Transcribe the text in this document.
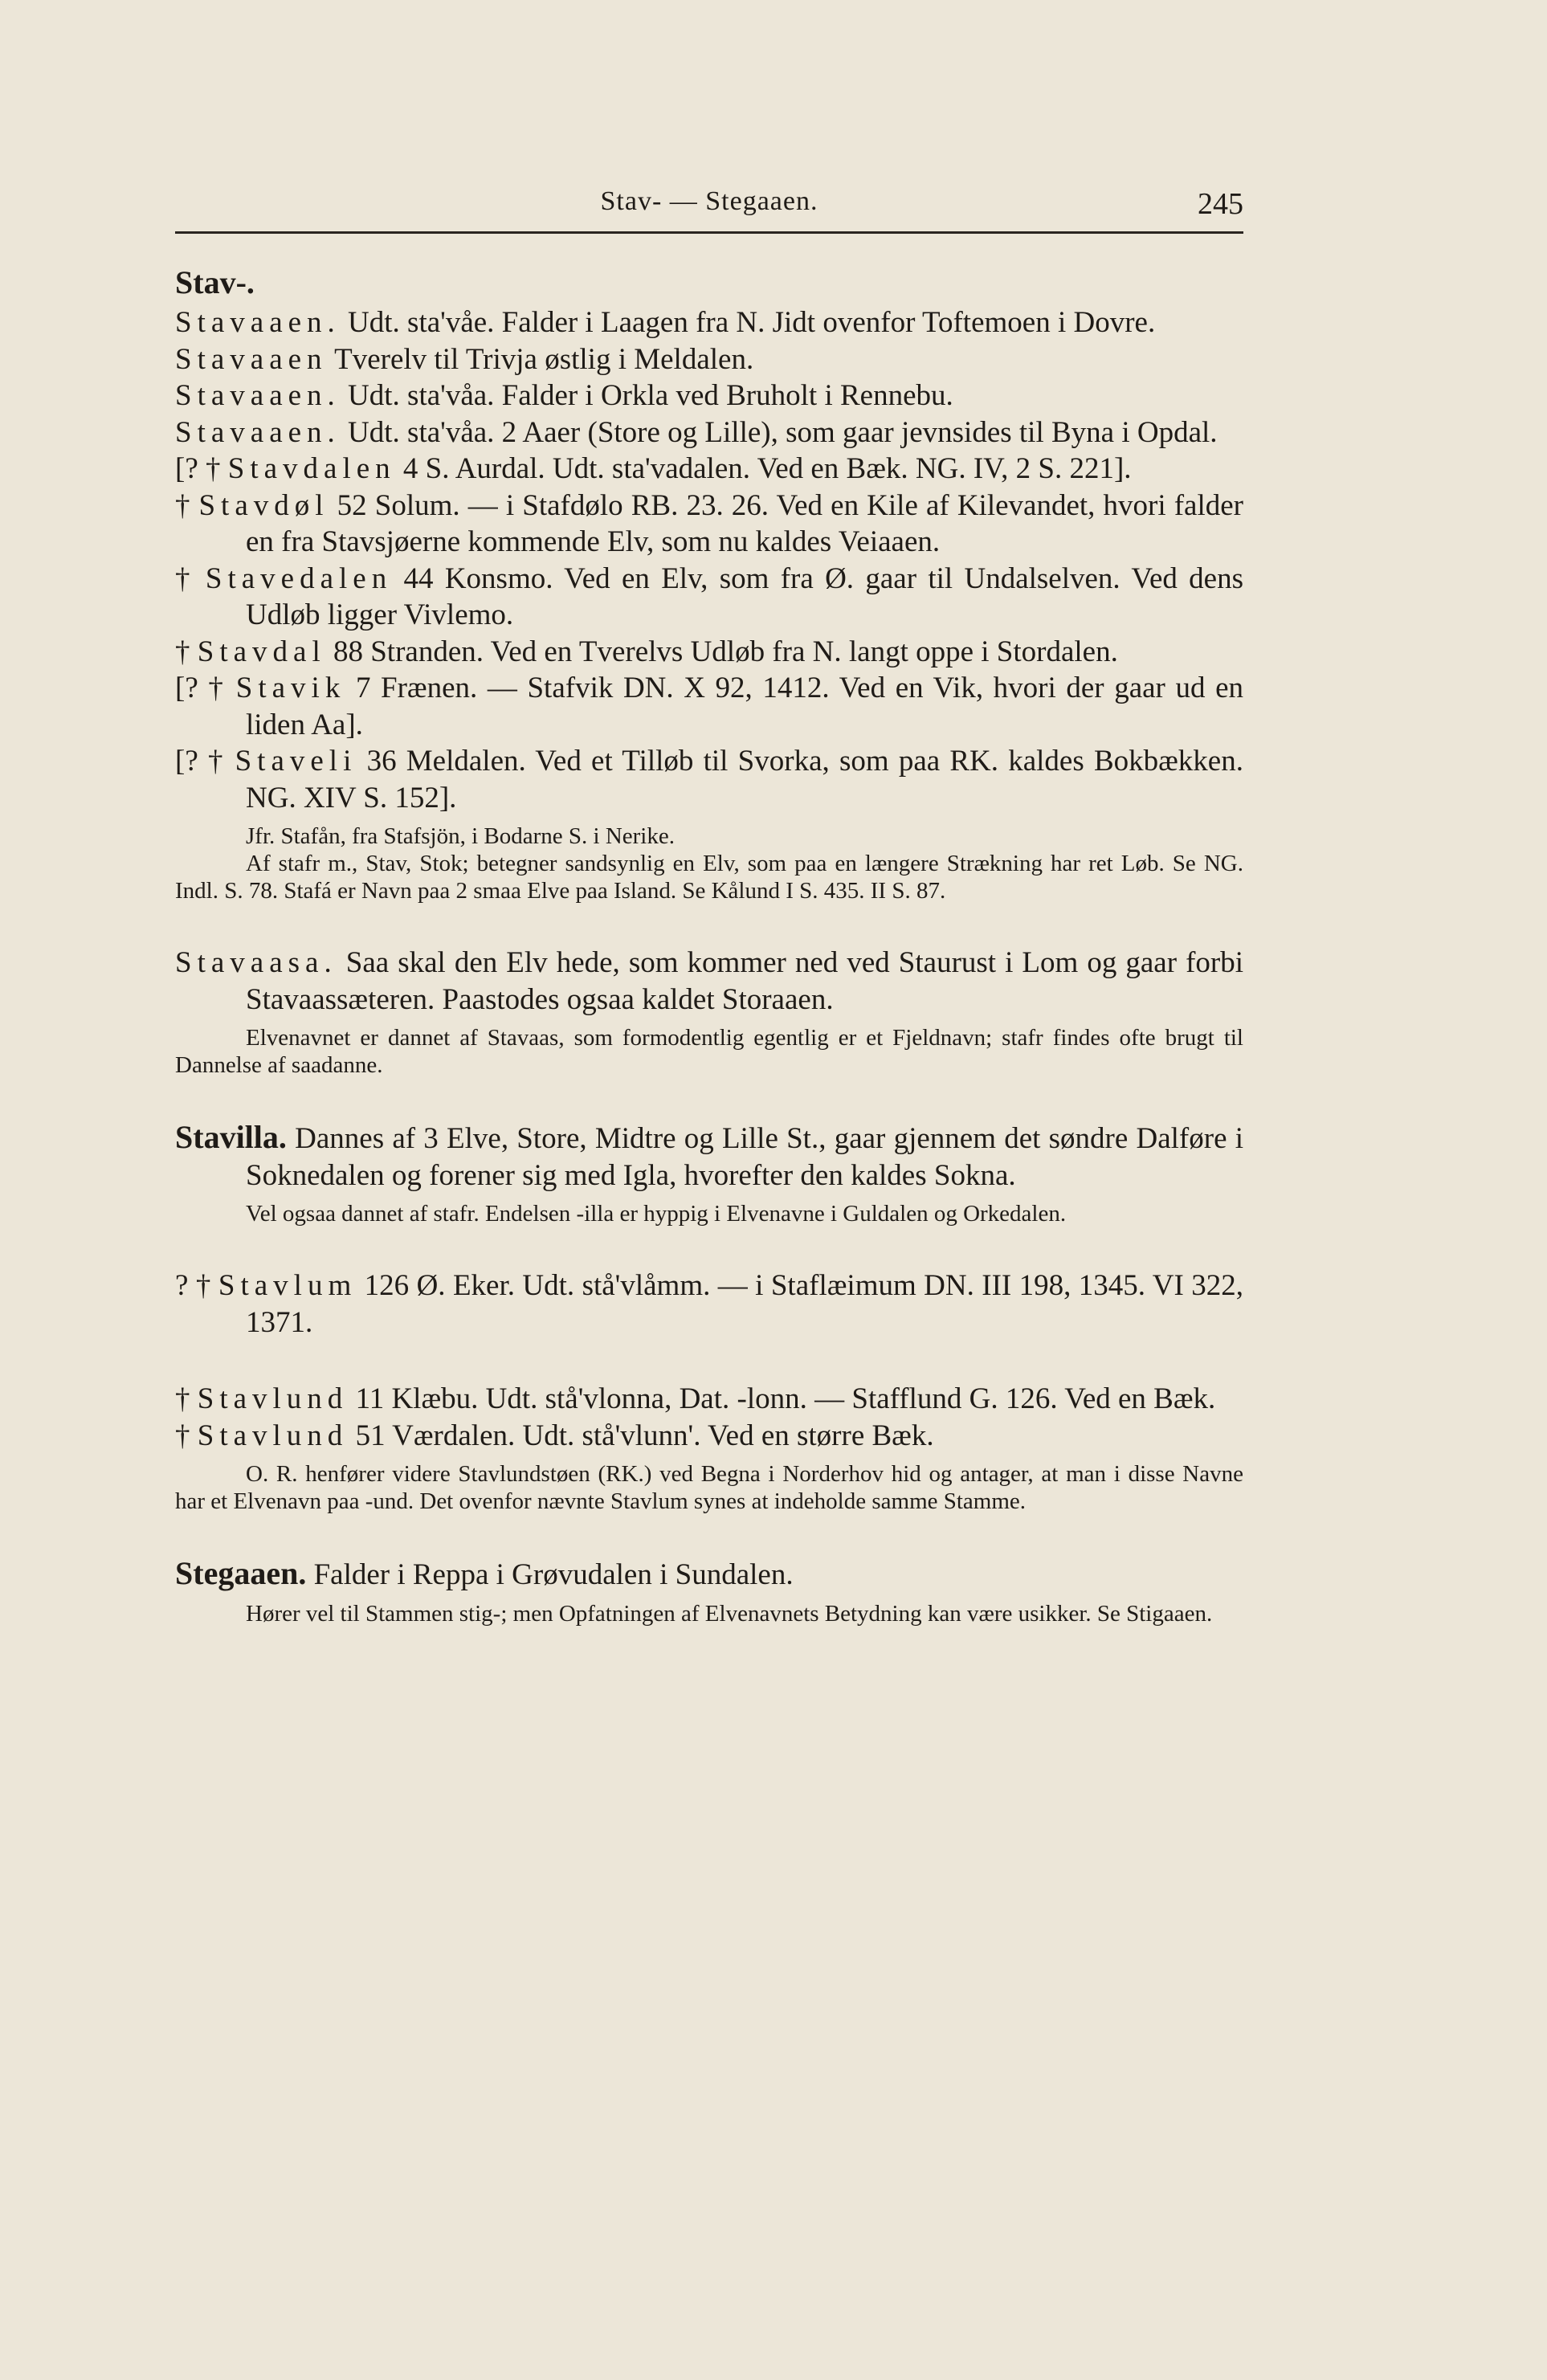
Stav- — Stegaaen.	245
Stav-.
Stavaaen. Udt. sta'våe. Falder i Laagen fra N. Jidt ovenfor Toftemoen i Dovre.
Stavaaen Tverelv til Trivja østlig i Meldalen.
Stavaaen. Udt. sta'våa. Falder i Orkla ved Bruholt i Rennebu.
Stavaaen. Udt. sta'våa. 2 Aaer (Store og Lille), som gaar jevnsides til Byna i Opdal.
[? † Stavdalen 4 S. Aurdal. Udt. sta'vadalen. Ved en Bæk. NG. IV, 2 S. 221].
† Stavdøl 52 Solum. — i Stafdølo RB. 23. 26. Ved en Kile af Kilevandet, hvori falder en fra Stavsjøerne kommende Elv, som nu kaldes Veiaaen.
† Stavedalen 44 Konsmo. Ved en Elv, som fra Ø. gaar til Undalselven. Ved dens Udløb ligger Vivlemo.
† Stavdal 88 Stranden. Ved en Tverelvs Udløb fra N. langt oppe i Stordalen.
[? † Stavik 7 Frænen. — Stafvik DN. X 92, 1412. Ved en Vik, hvori der gaar ud en liden Aa].
[? † Staveli 36 Meldalen. Ved et Tilløb til Svorka, som paa RK. kaldes Bokbækken. NG. XIV S. 152].
Jfr. Stafån, fra Stafsjön, i Bodarne S. i Nerike.
Af stafr m., Stav, Stok; betegner sandsynlig en Elv, som paa en længere Strækning har ret Løb. Se NG. Indl. S. 78. Stafá er Navn paa 2 smaa Elve paa Island. Se Kålund I S. 435. II S. 87.
Stavaasa. Saa skal den Elv hede, som kommer ned ved Staurust i Lom og gaar forbi Stavaassæteren. Paastodes ogsaa kaldet Storaaen.
Elvenavnet er dannet af Stavaas, som formodentlig egentlig er et Fjeldnavn; stafr findes ofte brugt til Dannelse af saadanne.
Stavilla. Dannes af 3 Elve, Store, Midtre og Lille St., gaar gjennem det søndre Dalføre i Soknedalen og forener sig med Igla, hvorefter den kaldes Sokna.
Vel ogsaa dannet af stafr. Endelsen -illa er hyppig i Elvenavne i Guldalen og Orkedalen.
? † Stavlum 126 Ø. Eker. Udt. stå'vlåmm. — i Staflæimum DN. III 198, 1345. VI 322, 1371.
† Stavlund 11 Klæbu. Udt. stå'vlonna, Dat. -lonn. — Stafflund G. 126. Ved en Bæk.
† Stavlund 51 Værdalen. Udt. stå'vlunn'. Ved en større Bæk.
O. R. henfører videre Stavlundstøen (RK.) ved Begna i Norderhov hid og antager, at man i disse Navne har et Elvenavn paa -und. Det ovenfor nævnte Stavlum synes at indeholde samme Stamme.
Stegaaen. Falder i Reppa i Grøvudalen i Sundalen.
Hører vel til Stammen stig-; men Opfatningen af Elvenavnets Betydning kan være usikker. Se Stigaaen.
